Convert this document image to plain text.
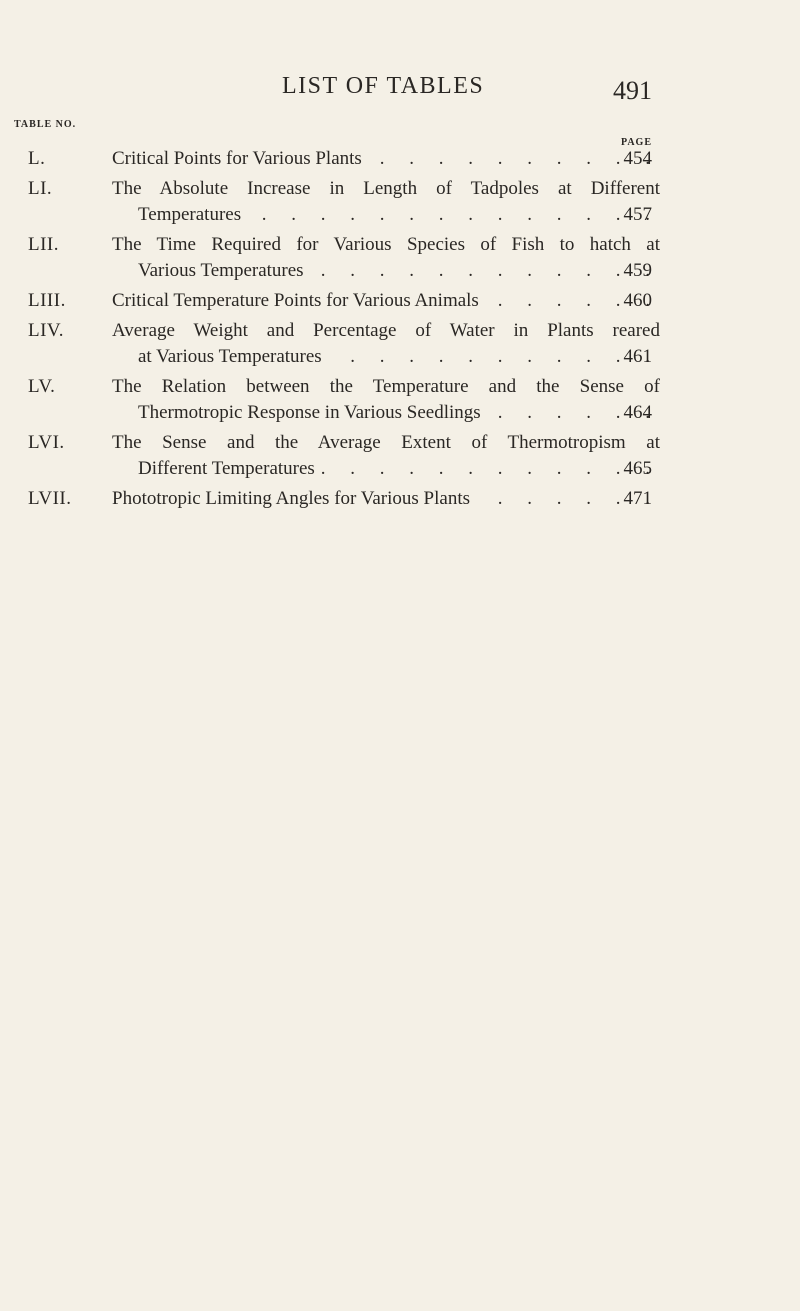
LIST OF TABLES	491
TABLE NO.
PAGE
L.	Critical Points for Various Plants . . .	454
LI.	The Absolute Increase in Length of Tadpoles at Different
Temperatures . . .	457
LII.	The Time Required for Various Species of Fish to hatch at
Various Temperatures . . .	459
LIII. Critical Temperature Points for Various Animals . . .	460
LIV.	Average Weight and Percentage of Water in Plants reared
at Various Temperatures . . .	461
LV.	The Relation between the Temperature and the Sense of
Thermotropic Response in Various Seedlings . . .	464
LVI. The Sense and the Average Extent of Thermotropism at
Different Temperatures . . .	465
LVII. Phototropic Limiting Angles for Various Plants . . .	471
